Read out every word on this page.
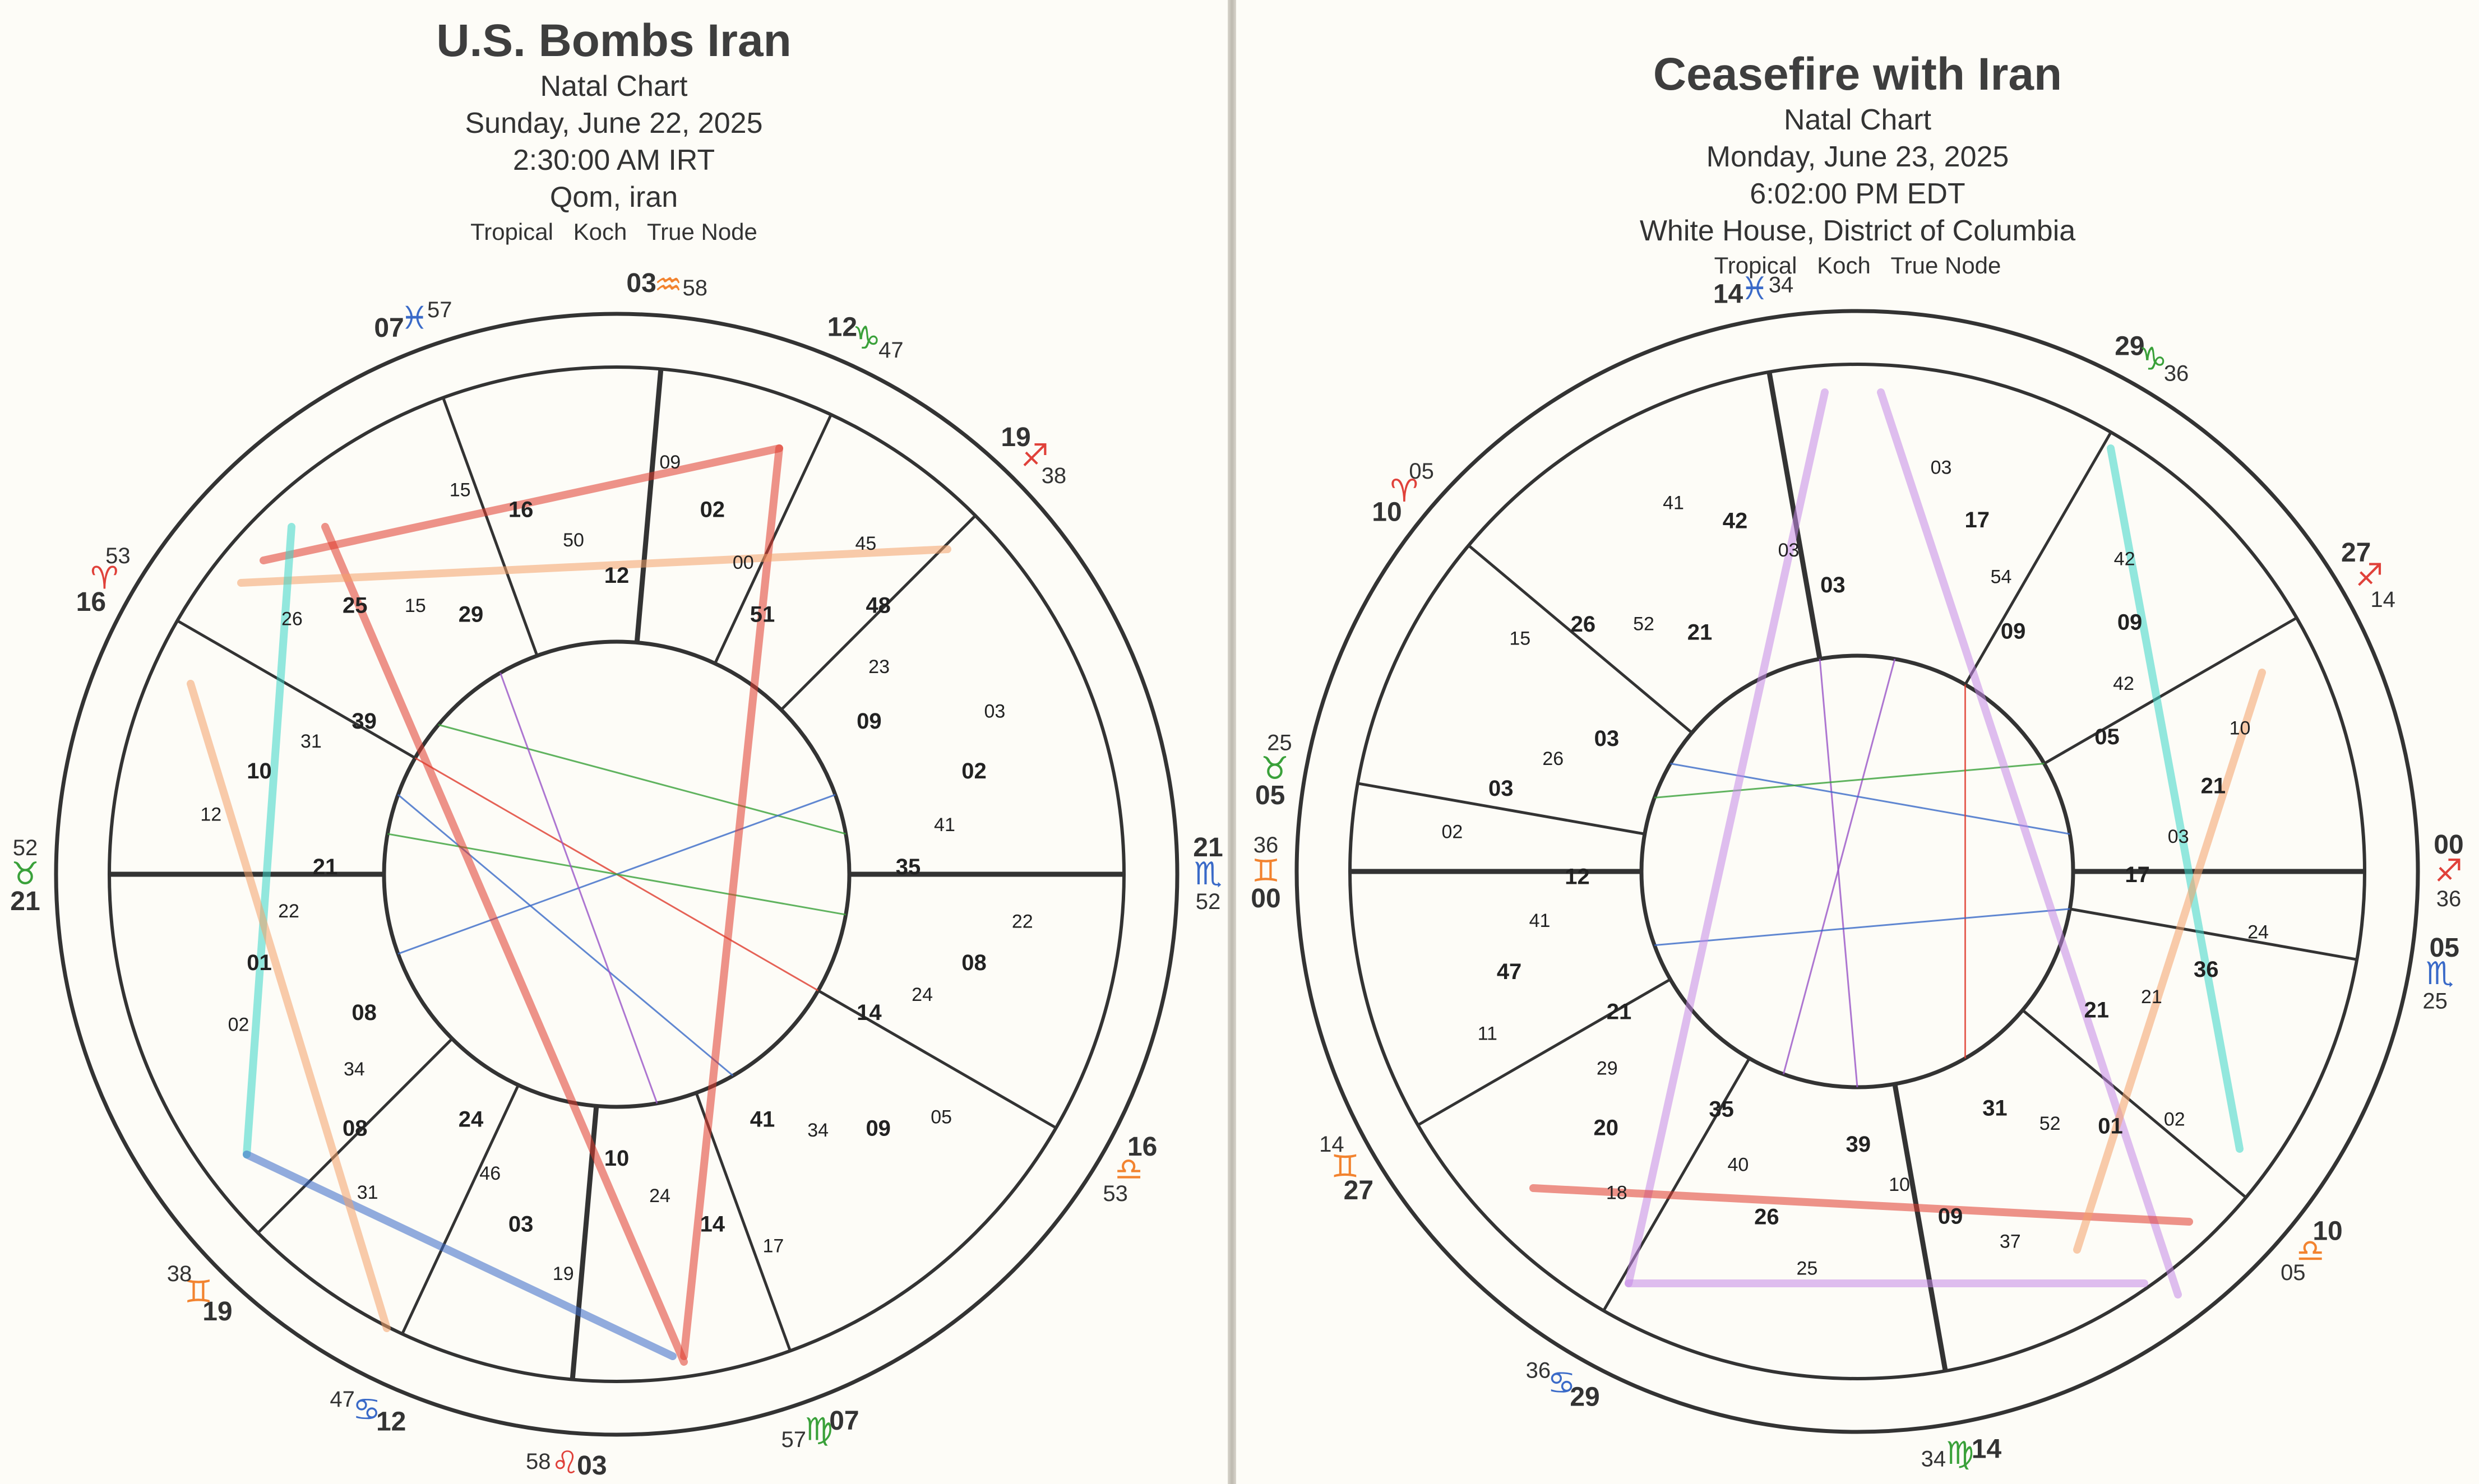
U.S. Bombs Iran
Natal Chart
Sunday, June 22, 2025
2:30:00 AM IRT
Qom, iran
Tropical Koch True Node
21
♉
52
19
♊
38
12
♋
47
03
♌
58
07
♍
57
16
♎
53
21
♏
52
19
♐
38
12
♑
47
03
♒ 58
07
♓
57
16
♈
53
12
50
16
15
29
15
25
26
39
31
10
12
21
22
01
02	08
34
08
31
24
46
03
19
10
24
14
17
41 34 09 05
14
24
08
22
35
41
02
03
09
23
48
45
51
00
02
09
Ceasefire with Iran
Natal Chart
Monday, June 23, 2025
6:02:00 PM EDT
White House, District of Columbia
Tropical Koch True Node
00
♊
36
27
♊
14
29
♋
36
14
♍
34
10
♎
05
05
♏
25
00
♐
36
27
♐
14
29
♑
36
14
♓ 34
10
♈
05
05
♉
25
03
03
42
41
21
52
26
15
03
26
03
02
12
41
47
11
21
29
20
18
35
40
26
25
39
10
09
37
31
52 01 02
21
21
36
24
17
03
21
10
05
42
09
42
09
54
17
03
